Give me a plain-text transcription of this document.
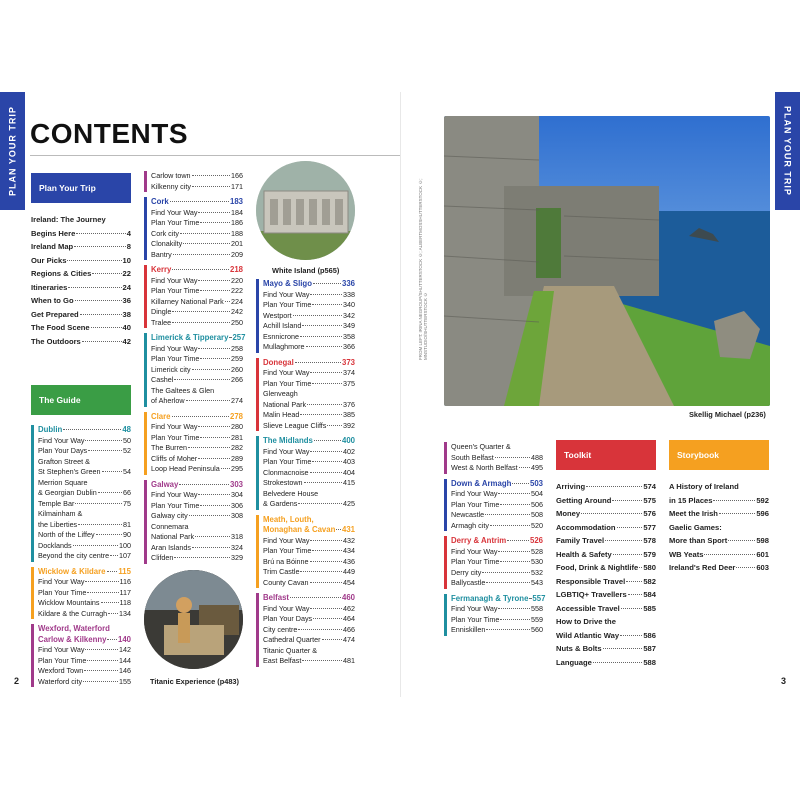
PLAN YOUR TRIP	PLAN YOUR TRIP
CONTENTS
Plan Your Trip
Ireland: The Journey
Begins Here	4
Ireland Map	8
Our Picks	10
Regions & Cities	22
Itineraries	24
When to Go	36
Get Prepared	38
The Food Scene	40
The Outdoors	42
The Guide
Dublin	48
Find Your Way	50
Plan Your Days	52
Grafton Street &
St Stephen's Green	54
Merrion Square
& Georgian Dublin	66
Temple Bar	75
Kilmainham &
the Liberties	81
North of the Liffey	90
Docklands	100
Beyond the city centre 107
Wicklow & Kildare 115
Find Your Way	116
Plan Your Time	117
Wicklow Mountains	118
Kildare & the Curragh 134
Wexford, Waterford
Carlow & Kilkenny 140
Find Your Way	142
Plan Your Time	144
Wexford Town	146
Waterford city	155
Carlow town	166
Kilkenny city	171
Cork	183
Find Your Way	184
Plan Your Time	186
Cork city	188
Clonakilty	201
Bantry	209
Kerry	218
Find Your Way	220
Plan Your Time	222
Killarney National Park 224
Dingle	242
Tralee	250
Limerick & Tipperary 257
Find Your Way	258
Plan Your Time	259
Limerick city	260
Cashel	266
The Galtees & Glen
of Aherlow	274
Clare	278
Find Your Way	280
Plan Your Time	281
The Burren	282
Cliffs of Moher	289
Loop Head Peninsula 295
Galway	303
Find Your Way	304
Plan Your Time	306
Galway city	308
Connemara
National Park	318
Aran Islands	324
Clifden	329
Mayo & Sligo	336
Find Your Way	338
Plan Your Time	340
Westport	342
Achill Island	349
Esnnicrone	358
Mullaghmore	366
Donegal	373
Find Your Way	374
Plan Your Time	375
Glenveagh
National Park	376
Malin Head	385
Slieve League Cliffs 392
The Midlands	400
Find Your Way	402
Plan Your Time	403
Clonmacnoise	404
Strokestown	415
Belvedere House
& Gardens	425
Meath, Louth,
Monaghan & Cavan 431
Find Your Way	432
Plan Your Time	434
Brú na Bóinne	436
Trim Castle	449
County Cavan	454
Belfast	460
Find Your Way	462
Plan Your Days	464
City centre	466
Cathedral Quarter	474
Titanic Quarter &
East Belfast	481
White Island (p565)
Titanic Experience (p483)
2	3
FROM LEFT: IRINA NEGROUP/SHUTTERSTOCK ©; ALBERTMOSSHUTTERSTOCK ©; MNSTUDIO/SHUTTERSTOCK ©
Skellig Michael (p236)
Queen's Quarter &
South Belfast	488
West & North Belfast 495
Down & Armagh 503
Find Your Way	504
Plan Your Time	506
Newcastle	508
Armagh city	520
Derry & Antrim	526
Find Your Way	528
Plan Your Time	530
Derry city	532
Ballycastle	543
Fermanagh & Tyrone 557
Find Your Way	558
Plan Your Time	559
Enniskillen	560
Toolkit
Arriving	574
Getting Around	575
Money	576
Accommodation	577
Family Travel	578
Health & Safety	579
Food, Drink & Nightlife 580
Responsible Travel 582
LGBTIQ+ Travellers 584
Accessible Travel	585
How to Drive the
Wild Atlantic Way	586
Nuts & Bolts	587
Language	588
Storybook
A History of Ireland
in 15 Places	592
Meet the Irish	596
Gaelic Games:
More than Sport	598
WB Yeats	601
Ireland's Red Deer	603
